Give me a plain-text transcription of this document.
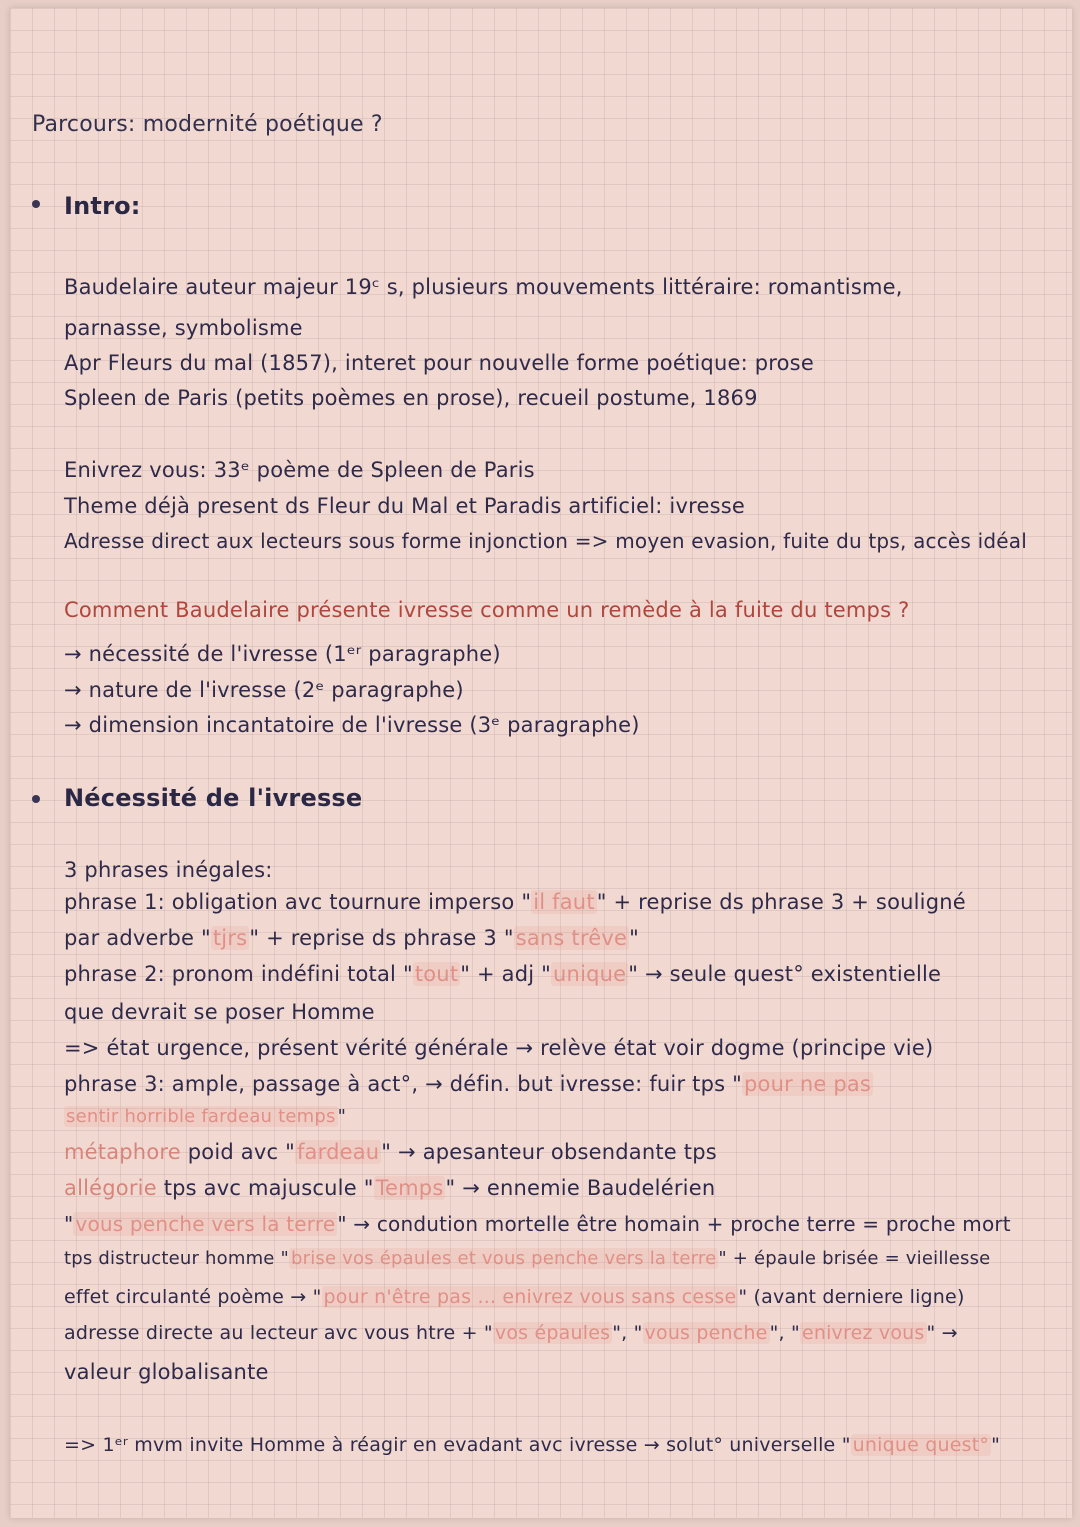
Parcours: modernité poétique ?
Intro:
Baudelaire auteur majeur 19ᶜ s, plusieurs mouvements littéraire: romantisme,
parnasse, symbolisme
Apr Fleurs du mal (1857), interet pour nouvelle forme poétique: prose
Spleen de Paris (petits poèmes en prose), recueil postume, 1869
Enivrez vous: 33ᵉ poème de Spleen de Paris
Theme déjà present ds Fleur du Mal et Paradis artificiel: ivresse
Adresse direct aux lecteurs sous forme injonction => moyen evasion, fuite du tps, accès idéal
Comment Baudelaire présente ivresse comme un remède à la fuite du temps ?
→ nécessité de l'ivresse (1ᵉʳ paragraphe)
→ nature de l'ivresse (2ᵉ paragraphe)
→ dimension incantatoire de l'ivresse (3ᵉ paragraphe)
Nécessité de l'ivresse
3 phrases inégales:
phrase 1: obligation avc tournure imperso "il faut" + reprise ds phrase 3 + souligné
par adverbe "tjrs" + reprise ds phrase 3 "sans trêve"
phrase 2: pronom indéfini total "tout" + adj "unique" → seule quest° existentielle
que devrait se poser Homme
=> état urgence, présent vérité générale → relève état voir dogme (principe vie)
phrase 3: ample, passage à act°, → défin. but ivresse: fuir tps "pour ne pas
sentir horrible fardeau temps "
métaphore poid avc "fardeau" → apesanteur obsendante tps
allégorie tps avc majuscule "Temps" → ennemie Baudelérien
" vous penche vers la terre " → condution mortelle être homain + proche terre = proche mort
tps distructeur homme " brise vos épaules et vous penche vers la terre " + épaule brisée = vieillesse
effet circulanté poème → " pour n'être pas ... enivrez vous sans cesse " (avant derniere ligne)
adresse directe au lecteur avc vous htre + " vos épaules ", " vous penche ", " enivrez vous " →
valeur globalisante
=> 1ᵉʳ mvm invite Homme à réagir en evadant avc ivresse → solut° universelle " unique quest° "
